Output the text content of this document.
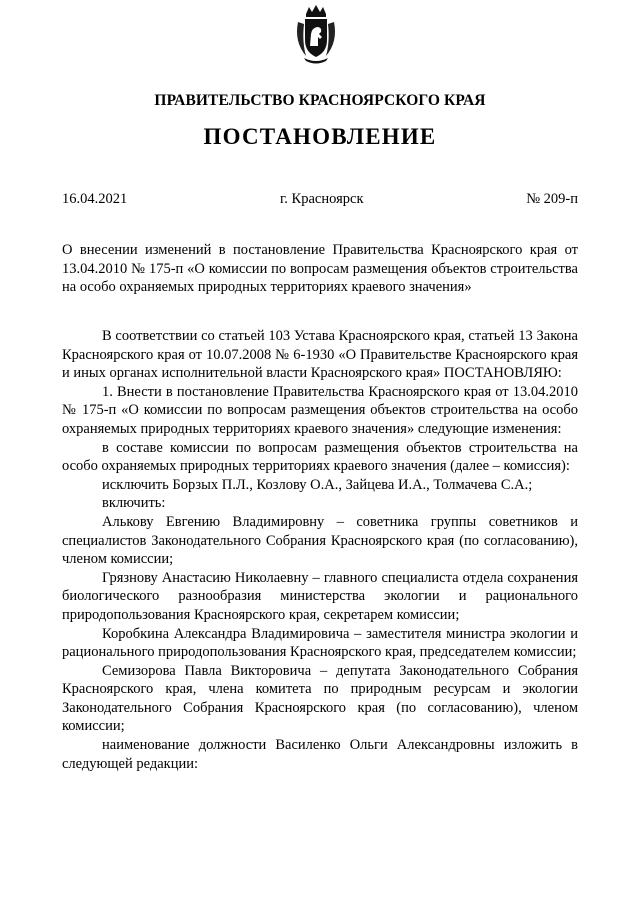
ПРАВИТЕЛЬСТВО КРАСНОЯРСКОГО КРАЯ
ПОСТАНОВЛЕНИЕ
16.04.2021	г. Красноярск	№ 209-п
О внесении изменений в постановление Правительства Красноярского края от 13.04.2010 № 175-п «О комиссии по вопросам размещения объектов строительства на особо охраняемых природных территориях краевого значения»

В соответствии со статьей 103 Устава Красноярского края, статьей 13 Закона Красноярского края от 10.07.2008 № 6-1930 «О Правительстве Красноярского края и иных органах исполнительной власти Красноярского края» ПОСТАНОВЛЯЮ:

1. Внести в постановление Правительства Красноярского края от 13.04.2010 № 175-п «О комиссии по вопросам размещения объектов строительства на особо охраняемых природных территориях краевого значения» следующие изменения:

в составе комиссии по вопросам размещения объектов строительства на особо охраняемых природных территориях краевого значения (далее – комиссия):

исключить Борзых П.Л., Козлову О.А., Зайцева И.А., Толмачева С.А.;

включить:

Алькову Евгению Владимировну – советника группы советников и специалистов Законодательного Собрания Красноярского края (по согласованию), членом комиссии;

Грязнову Анастасию Николаевну – главного специалиста отдела сохранения биологического разнообразия министерства экологии и рационального природопользования Красноярского края, секретарем комиссии;

Коробкина Александра Владимировича – заместителя министра экологии и рационального природопользования Красноярского края, председателем комиссии;

Семизорова Павла Викторовича – депутата Законодательного Собрания Красноярского края, члена комитета по природным ресурсам и экологии Законодательного Собрания Красноярского края (по согласованию), членом комиссии;

наименование должности Василенко Ольги Александровны изложить в следующей редакции:
